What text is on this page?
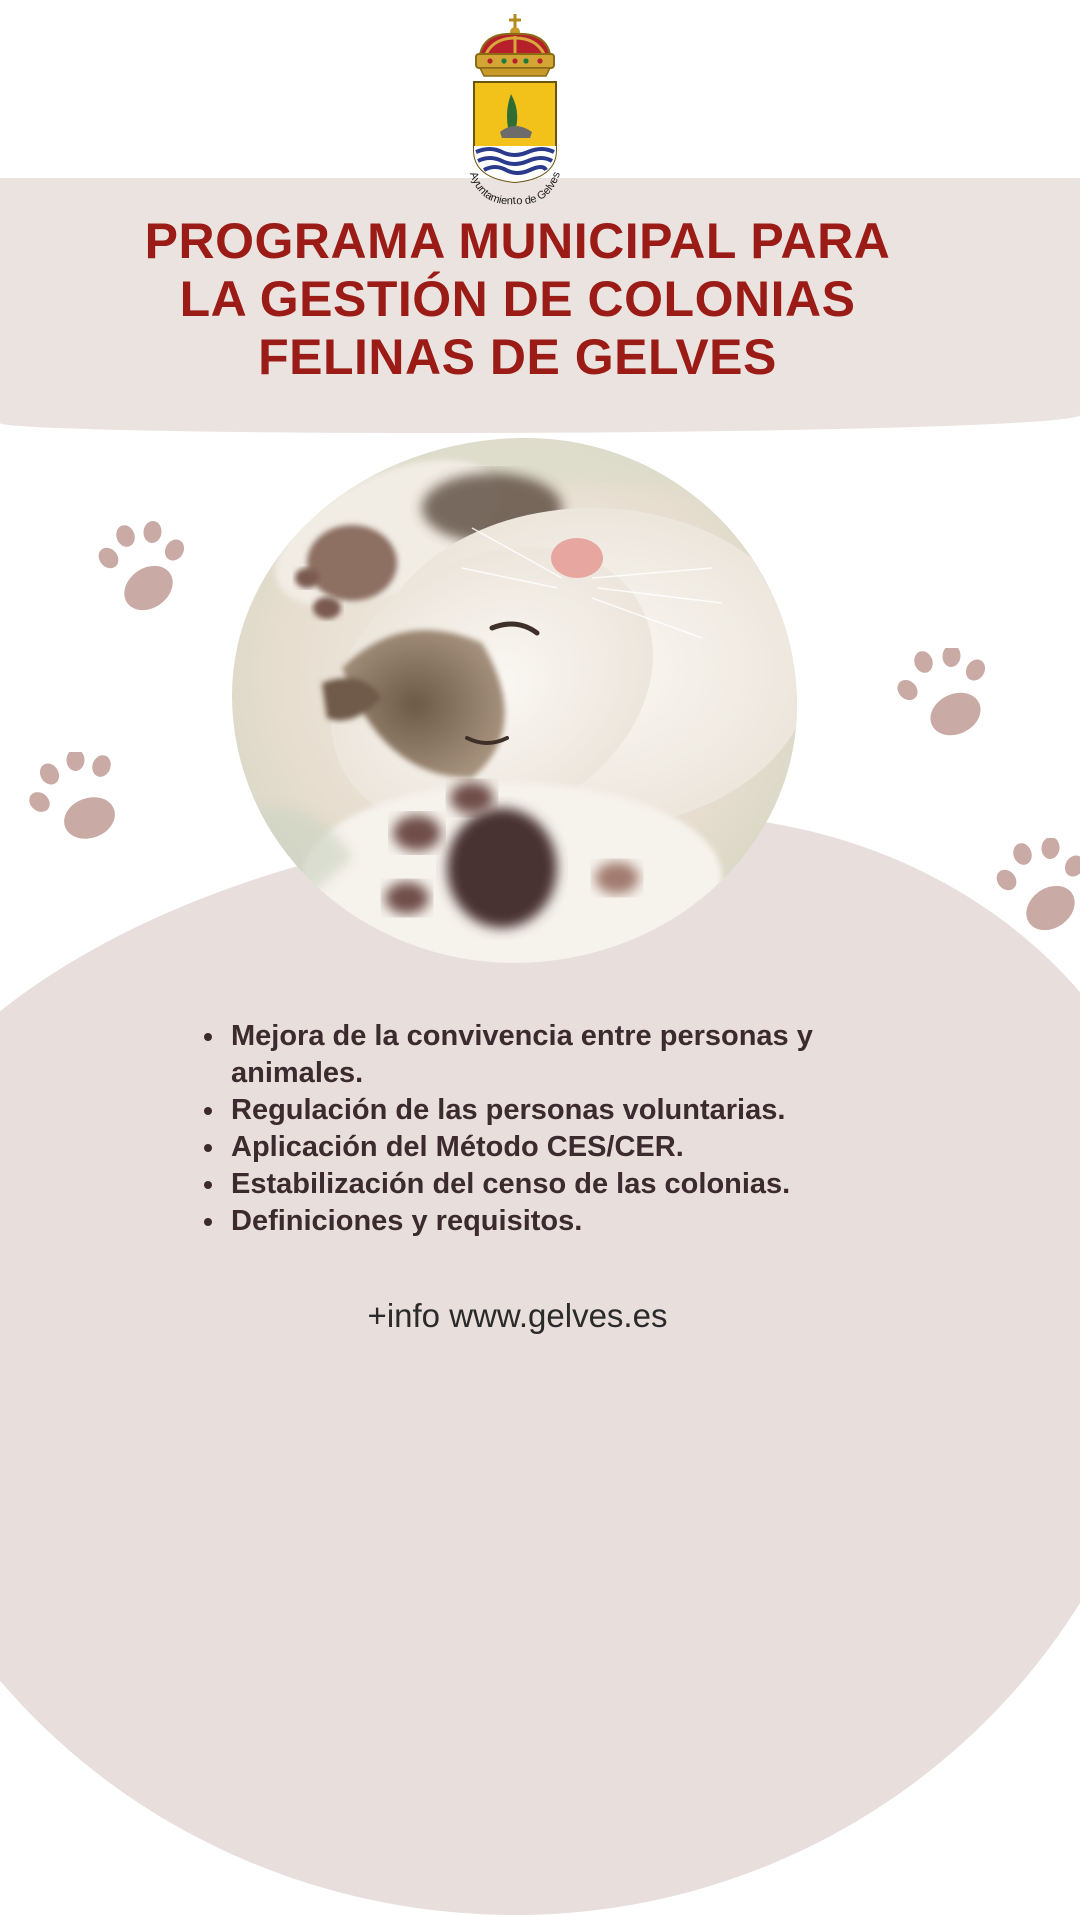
Ayuntamiento de Gelves
PROGRAMA MUNICIPAL PARA
LA GESTIÓN DE COLONIAS
FELINAS DE GELVES
Mejora de la convivencia entre personas y animales.
Regulación de las personas voluntarias.
Aplicación del Método CES/CER.
Estabilización del censo de las colonias.
Definiciones y requisitos.
+info www.gelves.es
